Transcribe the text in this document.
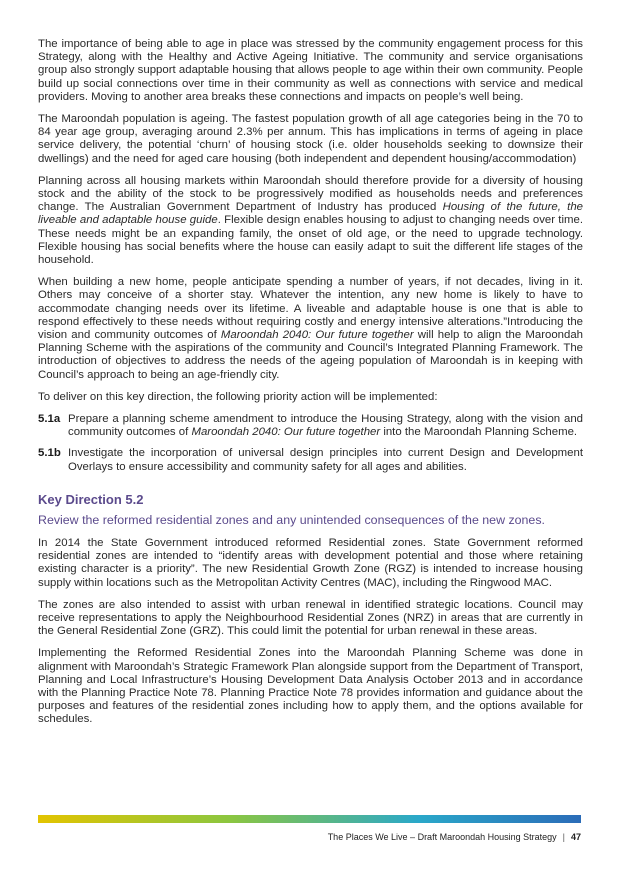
The importance of being able to age in place was stressed by the community engagement process for this Strategy, along with the Healthy and Active Ageing Initiative. The community and service organisations group also strongly support adaptable housing that allows people to age within their own community. People build up social connections over time in their community as well as connections with service and medical providers. Moving to another area breaks these connections and impacts on people’s well being.

The Maroondah population is ageing. The fastest population growth of all age categories being in the 70 to 84 year age group, averaging around 2.3% per annum. This has implications in terms of ageing in place service delivery, the potential ‘churn’ of housing stock (i.e. older households seeking to downsize their dwellings) and the need for aged care housing (both independent and dependent housing/accommodation)

Planning across all housing markets within Maroondah should therefore provide for a diversity of housing stock and the ability of the stock to be progressively modified as households needs and preferences change. The Australian Government Department of Industry has produced Housing of the future, the liveable and adaptable house guide. Flexible design enables housing to adjust to changing needs over time. These needs might be an expanding family, the onset of old age, or the need to upgrade technology. Flexible housing has social benefits where the house can easily adapt to suit the different life stages of the household.

When building a new home, people anticipate spending a number of years, if not decades, living in it. Others may conceive of a shorter stay. Whatever the intention, any new home is likely to have to accommodate changing needs over its lifetime. A liveable and adaptable house is one that is able to respond effectively to these needs without requiring costly and energy intensive alterations.”Introducing the vision and community outcomes of Maroondah 2040: Our future together will help to align the Maroondah Planning Scheme with the aspirations of the community and Council’s Integrated Planning Framework. The introduction of objectives to address the needs of the ageing population of Maroondah is in keeping with Council’s approach to being an age-friendly city.

To deliver on this key direction, the following priority action will be implemented:

5.1a Prepare a planning scheme amendment to introduce the Housing Strategy, along with the vision and community outcomes of Maroondah 2040: Our future together into the Maroondah Planning Scheme.
5.1b Investigate the incorporation of universal design principles into current Design and Development Overlays to ensure accessibility and community safety for all ages and abilities.
Key Direction 5.2
Review the reformed residential zones and any unintended consequences of the new zones.

In 2014 the State Government introduced reformed Residential zones. State Government reformed residential zones are intended to “identify areas with development potential and those where retaining existing character is a priority”. The new Residential Growth Zone (RGZ) is intended to increase housing supply within locations such as the Metropolitan Activity Centres (MAC), including the Ringwood MAC.

The zones are also intended to assist with urban renewal in identified strategic locations. Council may receive representations to apply the Neighbourhood Residential Zones (NRZ) in areas that are currently in the General Residential Zone (GRZ). This could limit the potential for urban renewal in these areas.

Implementing the Reformed Residential Zones into the Maroondah Planning Scheme was done in alignment with Maroondah’s Strategic Framework Plan alongside support from the Department of Transport, Planning and Local Infrastructure’s Housing Development Data Analysis October 2013 and in accordance with the Planning Practice Note 78. Planning Practice Note 78 provides information and guidance about the purposes and features of the residential zones including how to apply them, and the options available for schedules.

The Places We Live – Draft Maroondah Housing Strategy | 47
